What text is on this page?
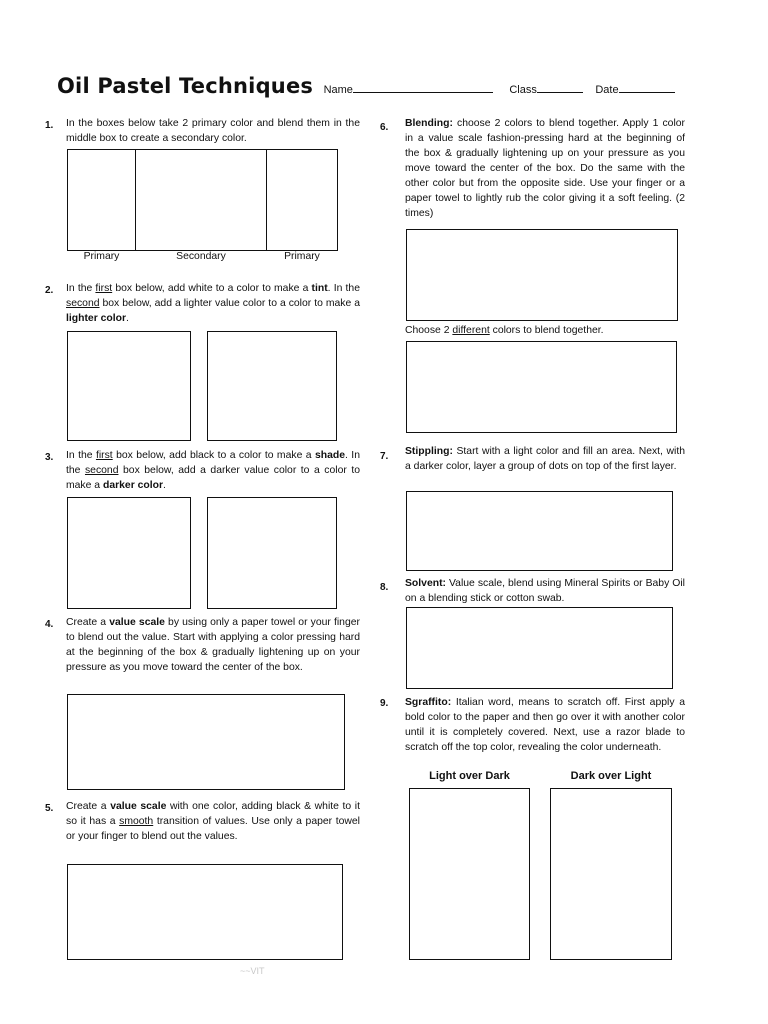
Oil Pastel Techniques Name	Class	Date
1. In the boxes below take 2 primary color and blend them in the middle box to create a secondary color.
Primary	Secondary	Primary
2. In the first box below, add white to a color to make a tint. In the second box below, add a lighter value color to a color to make a lighter color.
3. In the first box below, add black to a color to make a shade. In the second box below, add a darker value color to a color to make a darker color.
4. Create a value scale by using only a paper towel or your finger to blend out the value. Start with applying a color pressing hard at the beginning of the box & gradually lightening up on your pressure as you move toward the center of the box.
5. Create a value scale with one color, adding black & white to it so it has a smooth transition of values. Use only a paper towel or your finger to blend out the values.
6. Blending: choose 2 colors to blend together. Apply 1 color in a value scale fashion-pressing hard at the beginning of the box & gradually lightening up on your pressure as you move toward the center of the box. Do the same with the other color but from the opposite side. Use your finger or a paper towel to lightly rub the color giving it a soft feeling. (2 times)
Choose 2 different colors to blend together.
7. Stippling: Start with a light color and fill an area. Next, with a darker color, layer a group of dots on top of the first layer.
8. Solvent: Value scale, blend using Mineral Spirits or Baby Oil on a blending stick or cotton swab.
9. Sgraffito: Italian word, means to scratch off. First apply a bold color to the paper and then go over it with another color until it is completely covered. Next, use a razor blade to scratch off the top color, revealing the color underneath.
Light over Dark	Dark over Light
~~VIT
